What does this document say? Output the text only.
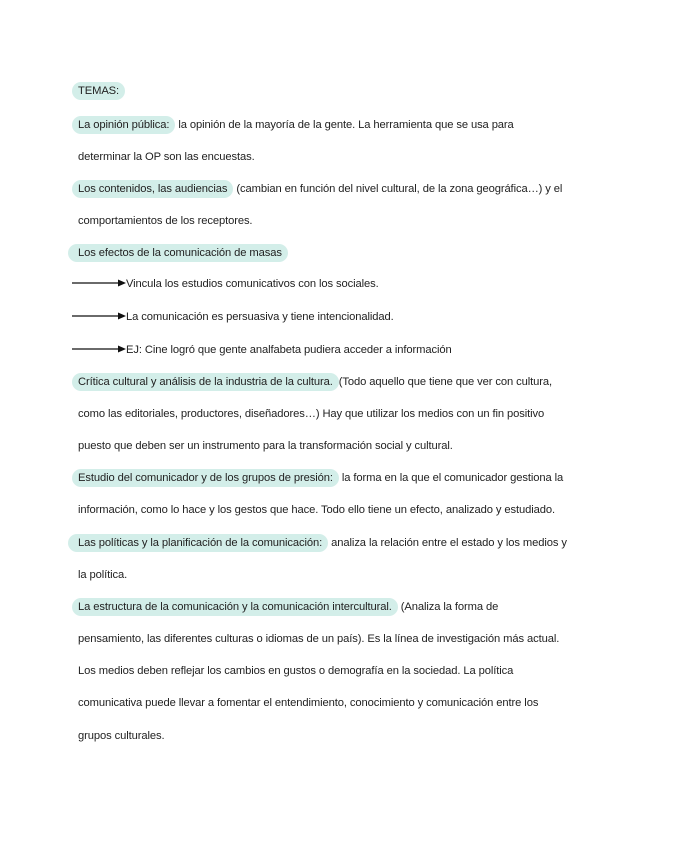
TEMAS:
La opinión pública: la opinión de la mayoría de la gente. La herramienta que se usa para
determinar la OP son las encuestas.
Los contenidos, las audiencias (cambian en función del nivel cultural, de la zona geográfica…) y el
comportamientos de los receptores.
Los efectos de la comunicación de masas
Vincula los estudios comunicativos con los sociales.
La comunicación es persuasiva y tiene intencionalidad.
EJ: Cine logró que gente analfabeta pudiera acceder a información
Crítica cultural y análisis de la industria de la cultura. (Todo aquello que tiene que ver con cultura,
como las editoriales, productores, diseñadores…) Hay que utilizar los medios con un fin positivo
puesto que deben ser un instrumento para la transformación social y cultural.
Estudio del comunicador y de los grupos de presión: la forma en la que el comunicador gestiona la
información, como lo hace y los gestos que hace. Todo ello tiene un efecto, analizado y estudiado.
Las políticas y la planificación de la comunicación: analiza la relación entre el estado y los medios y
la política.
La estructura de la comunicación y la comunicación intercultural. (Analiza la forma de
pensamiento, las diferentes culturas o idiomas de un país). Es la línea de investigación más actual.
Los medios deben reflejar los cambios en gustos o demografía en la sociedad. La política
comunicativa puede llevar a fomentar el entendimiento, conocimiento y comunicación entre los
grupos culturales.
